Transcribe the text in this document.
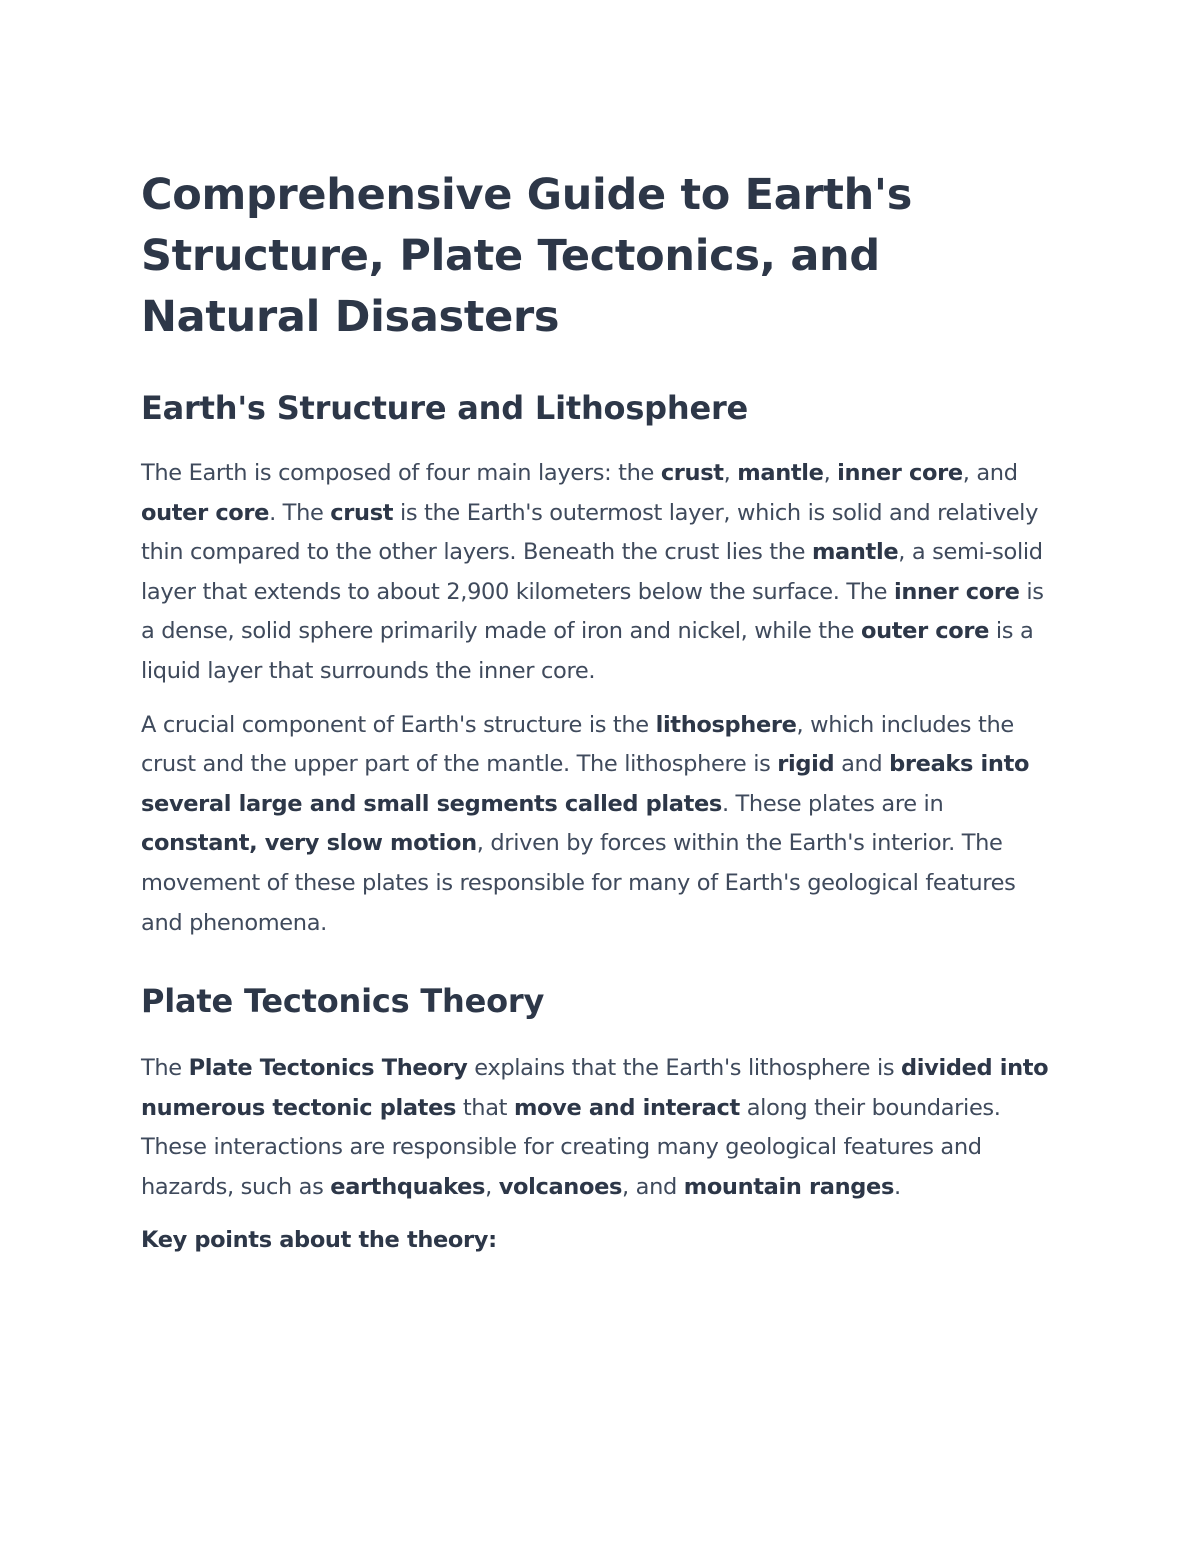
Comprehensive Guide to Earth's Structure, Plate Tectonics, and Natural Disasters
Earth's Structure and Lithosphere

The Earth is composed of four main layers: the crust, mantle, inner core, and outer core. The crust is the Earth's outermost layer, which is solid and relatively thin compared to the other layers. Beneath the crust lies the mantle, a semi-solid layer that extends to about 2,900 kilometers below the surface. The inner core is a dense, solid sphere primarily made of iron and nickel, while the outer core is a liquid layer that surrounds the inner core.

A crucial component of Earth's structure is the lithosphere, which includes the crust and the upper part of the mantle. The lithosphere is rigid and breaks into several large and small segments called plates. These plates are in constant, very slow motion, driven by forces within the Earth's interior. The movement of these plates is responsible for many of Earth's geological features and phenomena.

Plate Tectonics Theory

The Plate Tectonics Theory explains that the Earth's lithosphere is divided into numerous tectonic plates that move and interact along their boundaries. These interactions are responsible for creating many geological features and hazards, such as earthquakes, volcanoes, and mountain ranges.

Key points about the theory:
